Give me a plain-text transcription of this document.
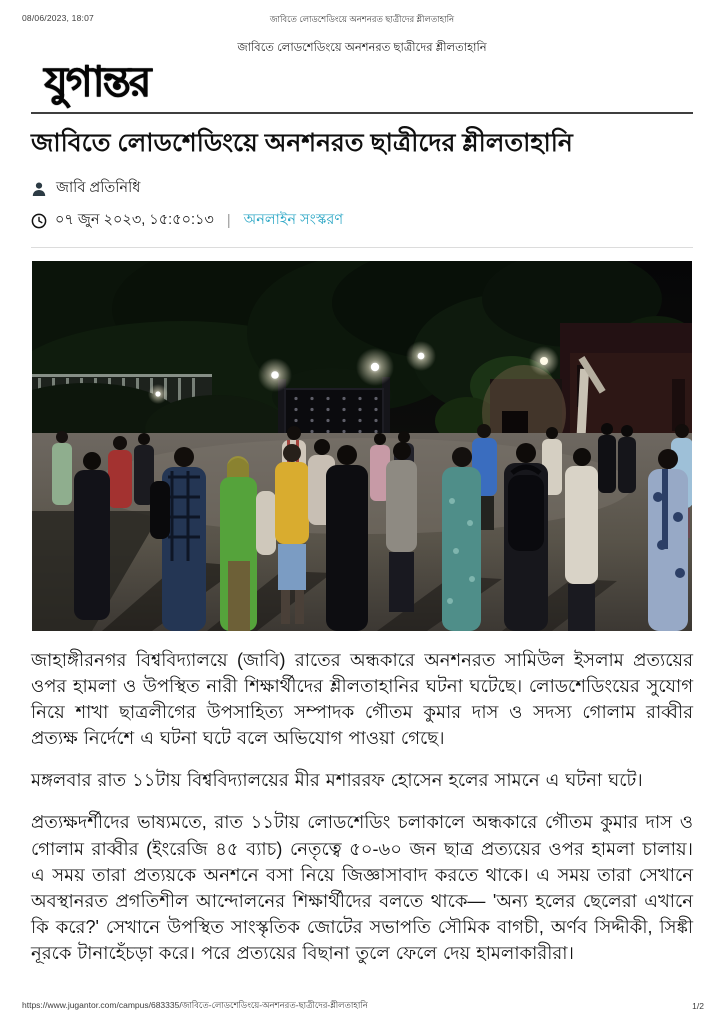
08/06/2023, 18:07	জাবিতে লোডশেডিংয়ে অনশনরত ছাত্রীদের শ্লীলতাহানি
জাবিতে লোডশেডিংয়ে অনশনরত ছাত্রীদের শ্লীলতাহানি
যুগান্তর
জাবিতে লোডশেডিংয়ে অনশনরত ছাত্রীদের শ্লীলতাহানি
জাবি প্রতিনিধি
০৭ জুন ২০২৩, ১৫:৫০:১৩ | অনলাইন সংস্করণ

জাহাঙ্গীরনগর বিশ্ববিদ্যালয়ে (জাবি) রাতের অন্ধকারে অনশনরত সামিউল ইসলাম প্রত্যয়ের ওপর হামলা ও উপস্থিত নারী শিক্ষার্থীদের শ্লীলতাহানির ঘটনা ঘটেছে। লোডশেডিংয়ের সুযোগ নিয়ে শাখা ছাত্রলীগের উপসাহিত্য সম্পাদক গৌতম কুমার দাস ও সদস্য গোলাম রাব্বীর প্রত্যক্ষ নির্দেশে এ ঘটনা ঘটে বলে অভিযোগ পাওয়া গেছে।

মঙ্গলবার রাত ১১টায় বিশ্ববিদ্যালয়ের মীর মশাররফ হোসেন হলের সামনে এ ঘটনা ঘটে।

প্রত্যক্ষদর্শীদের ভাষ্যমতে, রাত ১১টায় লোডশেডিং চলাকালে অন্ধকারে গৌতম কুমার দাস ও গোলাম রাব্বীর (ইংরেজি ৪৫ ব্যাচ) নেতৃত্বে ৫০-৬০ জন ছাত্র প্রত্যয়ের ওপর হামলা চালায়। এ সময় তারা প্রত্যয়কে অনশনে বসা নিয়ে জিজ্ঞাসাবাদ করতে থাকে। এ সময় তারা সেখানে অবস্থানরত প্রগতিশীল আন্দোলনের শিক্ষার্থীদের বলতে থাকে— 'অন্য হলের ছেলেরা এখানে কি করে?' সেখানে উপস্থিত সাংস্কৃতিক জোটের সভাপতি সৌমিক বাগচী, অর্ণব সিদ্দীকী, সিঙ্কী নূরকে টানাহেঁচড়া করে। পরে প্রত্যয়ের বিছানা তুলে ফেলে দেয় হামলাকারীরা।

https://www.jugantor.com/campus/683335/জাবিতে-লোডশেডিংয়ে-অনশনরত-ছাত্রীদের-শ্লীলতাহানি	1/2
